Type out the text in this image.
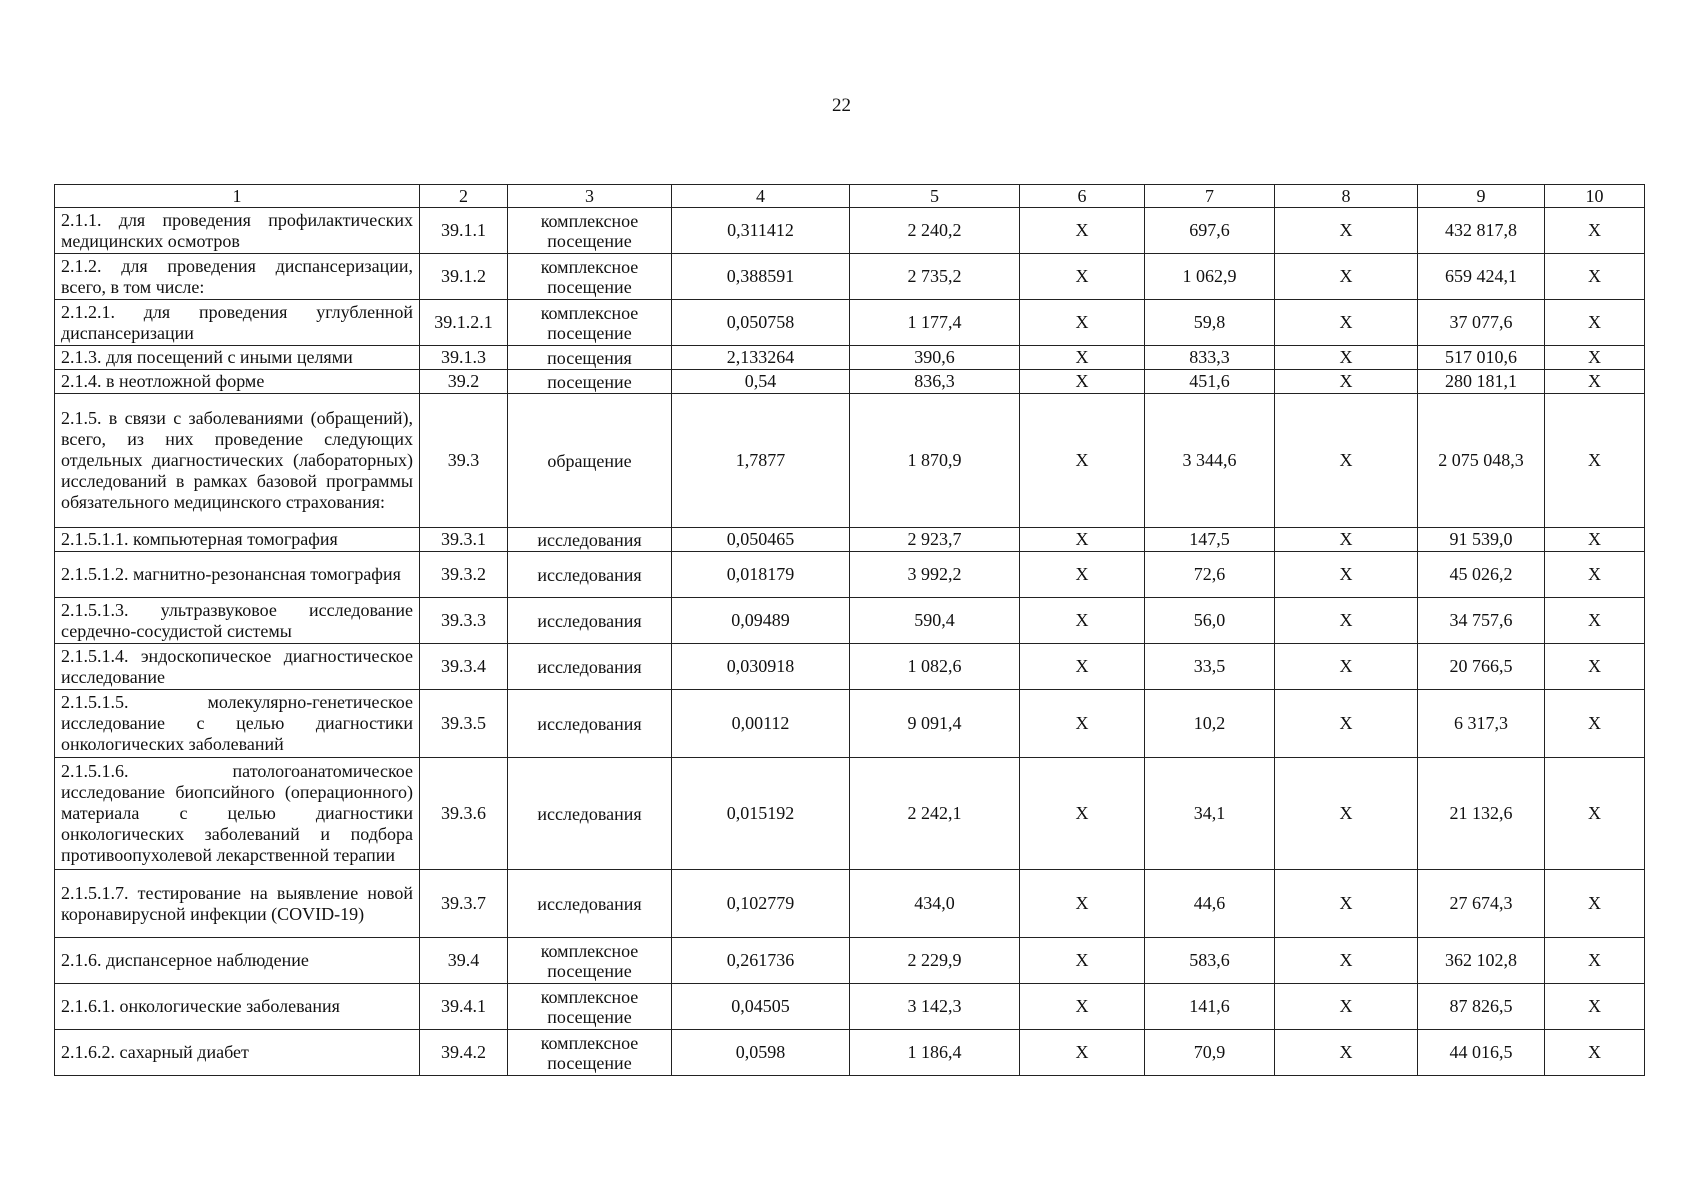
22
1	2	3	4	5	6	7	8	9	10
2.1.1. для проведения профилактических медицинских осмотров	39.1.1	комплексное посещение	0,311412	2 240,2	Х	697,6	Х	432 817,8	Х
2.1.2. для проведения диспансеризации, всего, в том числе:	39.1.2	комплексное посещение	0,388591	2 735,2	Х	1 062,9	Х	659 424,1	Х
2.1.2.1. для проведения углубленной диспансеризации	39.1.2.1	комплексное посещение	0,050758	1 177,4	Х	59,8	Х	37 077,6	Х
2.1.3. для посещений с иными целями	39.1.3	посещения	2,133264	390,6	Х	833,3	Х	517 010,6	Х
2.1.4. в неотложной форме	39.2	посещение	0,54	836,3	Х	451,6	Х	280 181,1	Х
2.1.5. в связи с заболеваниями (обращений), всего, из них проведение следующих отдельных диагностических (лабораторных) исследований в рамках базовой программы обязательного медицинского страхования:	39.3	обращение	1,7877	1 870,9	Х	3 344,6	Х	2 075 048,3	Х
2.1.5.1.1. компьютерная томография	39.3.1	исследования	0,050465	2 923,7	Х	147,5	Х	91 539,0	Х
2.1.5.1.2. магнитно-резонансная томография	39.3.2	исследования	0,018179	3 992,2	Х	72,6	Х	45 026,2	Х
2.1.5.1.3. ультразвуковое исследование сердечно-сосудистой системы	39.3.3	исследования	0,09489	590,4	Х	56,0	Х	34 757,6	Х
2.1.5.1.4. эндоскопическое диагностическое исследование	39.3.4	исследования	0,030918	1 082,6	Х	33,5	Х	20 766,5	Х
2.1.5.1.5. молекулярно-генетическое исследование с целью диагностики онкологических заболеваний	39.3.5	исследования	0,00112	9 091,4	Х	10,2	Х	6 317,3	Х
2.1.5.1.6. патологоанатомическое исследование биопсийного (операционного) материала с целью диагностики онкологических заболеваний и подбора противоопухолевой лекарственной терапии	39.3.6	исследования	0,015192	2 242,1	Х	34,1	Х	21 132,6	Х
2.1.5.1.7. тестирование на выявление новой коронавирусной инфекции (COVID-19)	39.3.7	исследования	0,102779	434,0	Х	44,6	Х	27 674,3	Х
2.1.6. диспансерное наблюдение	39.4	комплексное посещение	0,261736	2 229,9	Х	583,6	Х	362 102,8	Х
2.1.6.1. онкологические заболевания	39.4.1	комплексное посещение	0,04505	3 142,3	Х	141,6	Х	87 826,5	Х
2.1.6.2. сахарный диабет	39.4.2	комплексное посещение	0,0598	1 186,4	Х	70,9	Х	44 016,5	Х
